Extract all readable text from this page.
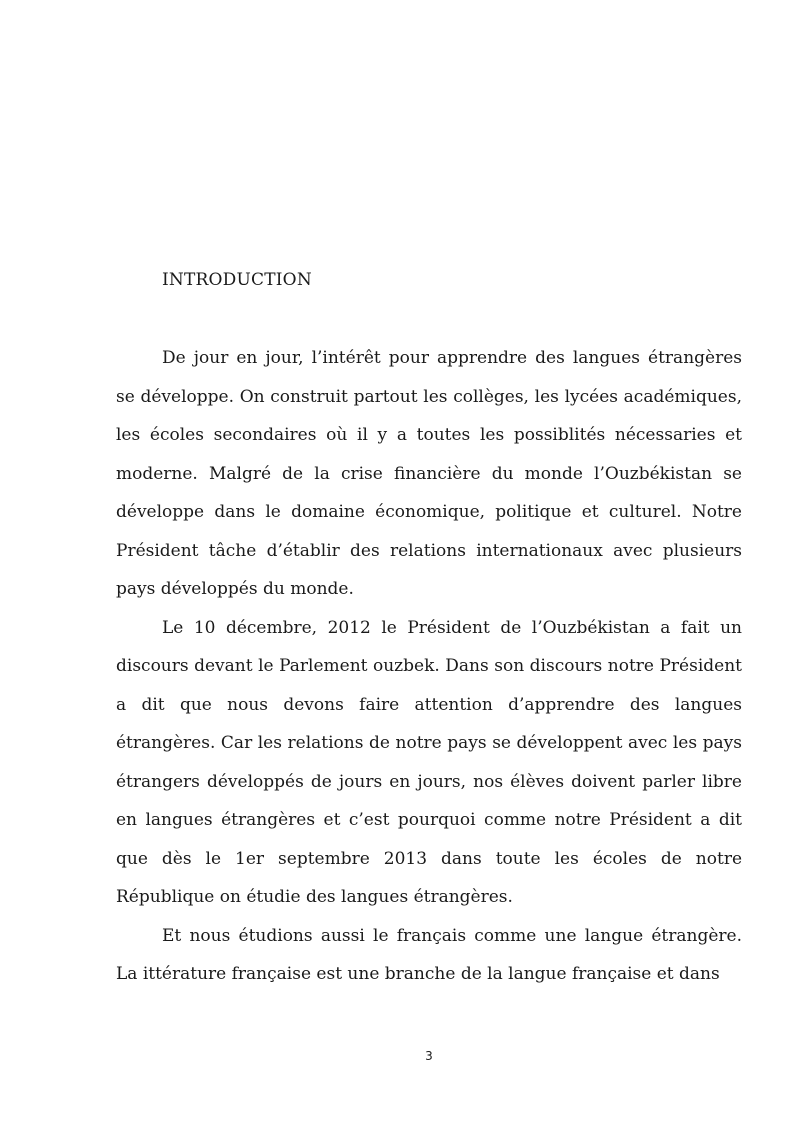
INTRODUCTION

De jour en jour, l’intérêt pour apprendre des langues étrangères se développe. On construit partout les collèges, les lycées académiques, les écoles secondaires où il y a toutes les possiblités nécessaries et moderne. Malgré de la crise financière du monde l’Ouzbékistan se développe dans le domaine économique, politique et culturel. Notre Président tâche d’établir des relations internationaux avec plusieurs pays développés du monde.

Le 10 décembre, 2012 le Président de l’Ouzbékistan a fait un discours devant le Parlement ouzbek. Dans son discours notre Président a dit que nous devons faire attention d’apprendre des langues étrangères. Car les relations de notre pays se développent avec les pays étrangers développés de jours en jours, nos élèves doivent parler libre en langues étrangères et c’est pourquoi comme notre Président a dit que dès le 1er septembre 2013 dans toute les écoles de notre République on étudie des langues étrangères.

Et nous étudions aussi le français comme une langue étrangère. La ittérature française est une branche de la langue française et dans

3
